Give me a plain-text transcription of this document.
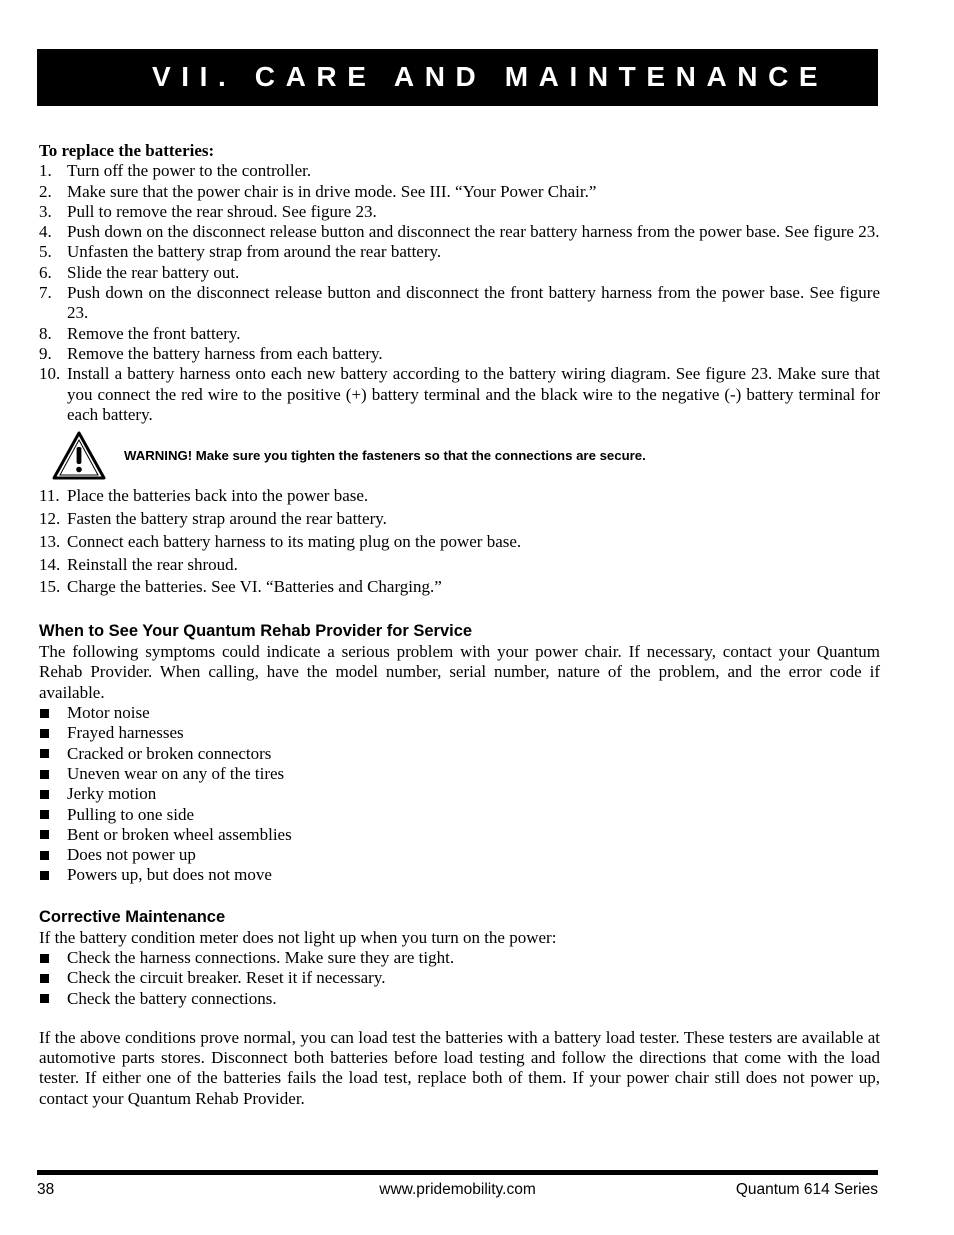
VII. CARE AND MAINTENANCE

To replace the batteries:

1. Turn off the power to the controller.
2. Make sure that the power chair is in drive mode. See III. “Your Power Chair.”
3. Pull to remove the rear shroud. See figure 23.
4. Push down on the disconnect release button and disconnect the rear battery harness from the power base. See figure 23.
5. Unfasten the battery strap from around the rear battery.
6. Slide the rear battery out.
7. Push down on the disconnect release button and disconnect the front battery harness from the power base. See figure 23.
8. Remove the front battery.
9. Remove the battery harness from each battery.
10. Install a battery harness onto each new battery according to the battery wiring diagram. See figure 23. Make sure that you connect the red wire to the positive (+) battery terminal and the black wire to the negative (-) battery terminal for each battery.
WARNING! Make sure you tighten the fasteners so that the connections are secure.
11. Place the batteries back into the power base.
12. Fasten the battery strap around the rear battery.
13. Connect each battery harness to its mating plug on the power base.
14. Reinstall the rear shroud.
15. Charge the batteries. See VI. “Batteries and Charging.”

When to See Your Quantum Rehab Provider for Service

The following symptoms could indicate a serious problem with your power chair. If necessary, contact your Quantum Rehab Provider. When calling, have the model number, serial number, nature of the problem, and the error code if available.

Motor noise
Frayed harnesses
Cracked or broken connectors
Uneven wear on any of the tires
Jerky motion
Pulling to one side
Bent or broken wheel assemblies
Does not power up
Powers up, but does not move

Corrective Maintenance

If the battery condition meter does not light up when you turn on the power:

Check the harness connections. Make sure they are tight.
Check the circuit breaker. Reset it if necessary.
Check the battery connections.

If the above conditions prove normal, you can load test the batteries with a battery load tester. These testers are available at automotive parts stores. Disconnect both batteries before load testing and follow the directions that come with the load tester. If either one of the batteries fails the load test, replace both of them. If your power chair still does not power up, contact your Quantum Rehab Provider.

38	www.pridemobility.com	Quantum 614 Series
